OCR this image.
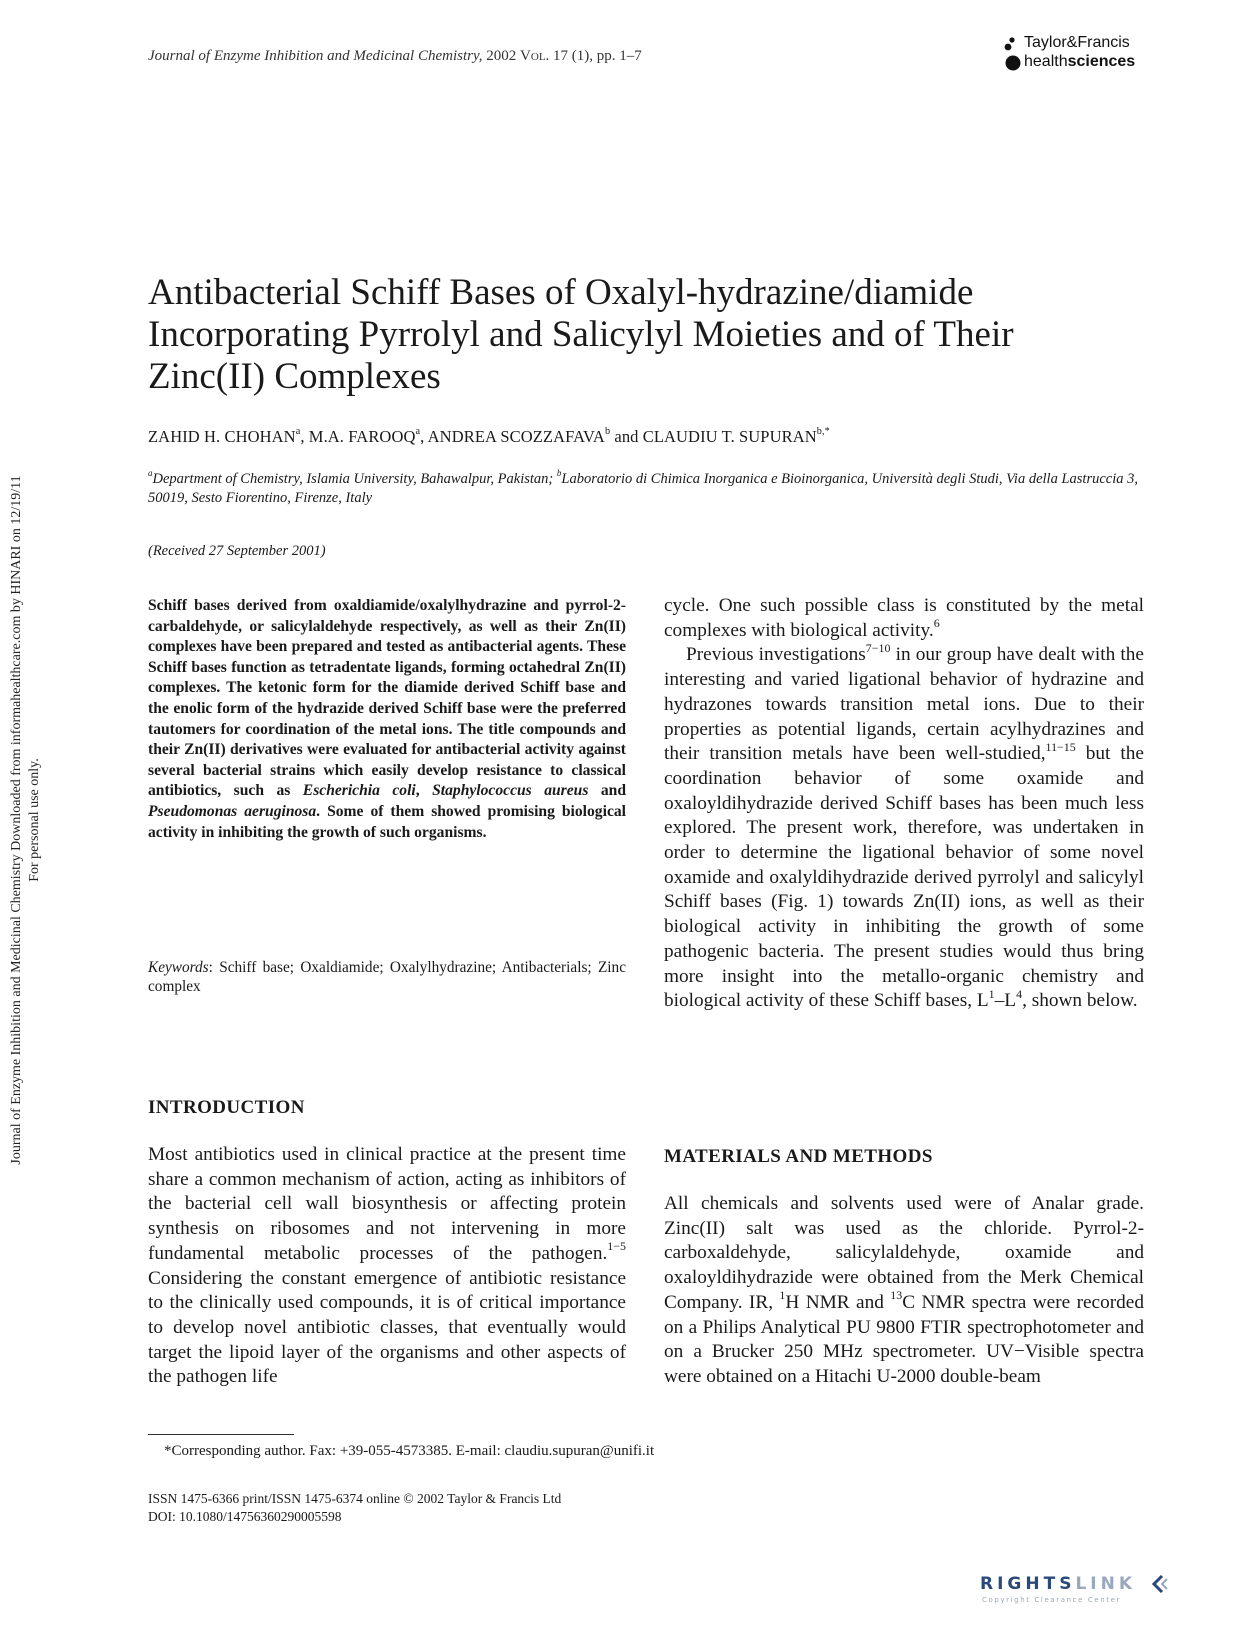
Journal of Enzyme Inhibition and Medicinal Chemistry, 2002 Vol. 17 (1), pp. 1–7
Taylor&Francis
healthsciences
Journal of Enzyme Inhibition and Medicinal Chemistry Downloaded from informahealthcare.com by HINARI on 12/19/11 For personal use only.
Antibacterial Schiff Bases of Oxalyl-hydrazine/diamide
Incorporating Pyrrolyl and Salicylyl Moieties and of Their
Zinc(II) Complexes
ZAHID H. CHOHAN$^a$, M.A. FAROOQ$^a$, ANDREA SCOZZAFAVA$^b$ and CLAUDIU T. $SUPURAN^{b,*}$
$^a$Department of Chemistry, Islamia University, Bahawalpur, Pakistan; $^b$Laboratorio di Chimica Inorganica e Bioinorganica, Università degli Studi, Via della Lastruccia 3, 50019, Sesto Fiorentino, Firenze, Italy
(Received 27 September 2001)
Schiff bases derived from oxaldiamide/oxalylhydrazine and pyrrol-2-carbaldehyde, or salicylaldehyde respectively, as well as their Zn(II) complexes have been prepared and tested as antibacterial agents. These Schiff bases function as tetradentate ligands, forming octahedral Zn(II) complexes. The ketonic form for the diamide derived Schiff base and the enolic form of the hydrazide derived Schiff base were the preferred tautomers for coordination of the metal ions. The title compounds and their Zn(II) derivatives were evaluated for antibacterial activity against several bacterial strains which easily develop resistance to classical antibiotics, such as Escherichia coli, Staphylococcus aureus and Pseudomonas aeruginosa. Some of them showed promising biological activity in inhibiting the growth of such organisms.
Keywords: Schiff base; Oxaldiamide; Oxalylhydrazine; Antibacterials; Zinc complex
INTRODUCTION
Most antibiotics used in clinical practice at the present time share a common mechanism of action, acting as inhibitors of the bacterial cell wall biosynthesis or affecting protein synthesis on ribosomes and not intervening in more fundamental metabolic processes of the pathogen.$^{1-5}$ Considering the constant emergence of antibiotic resistance to the clinically used compounds, it is of critical importance to develop novel antibiotic classes, that eventually would target the lipoid layer of the organisms and other aspects of the pathogen life
cycle. One such possible class is constituted by the metal complexes with biological activity.$^6$
Previous investigations$^{7-10}$ in our group have dealt with the interesting and varied ligational behavior of hydrazine and hydrazones towards transition metal ions. Due to their properties as potential ligands, certain acylhydrazines and their transition metals have been well-studied,$^{11-15}$ but the coordination behavior of some oxamide and oxaloyldihydrazide derived Schiff bases has been much less explored. The present work, therefore, was undertaken in order to determine the ligational behavior of some novel oxamide and oxalyldihydrazide derived pyrrolyl and salicylyl Schiff bases (Fig. 1) towards Zn(II) ions, as well as their biological activity in inhibiting the growth of some pathogenic bacteria. The present studies would thus bring more insight into the metallo-organic chemistry and biological activity of these Schiff bases, $L^1-L^4$, shown below.
MATERIALS AND METHODS
All chemicals and solvents used were of Analar grade. Zinc(II) salt was used as the chloride. Pyrrol-2-carboxaldehyde, salicylaldehyde, oxamide and oxaloyldihydrazide were obtained from the Merk Chemical Company. IR, $^1$H NMR and $^{13}$C NMR spectra were recorded on a Philips Analytical PU 9800 FTIR spectrophotometer and on a Brucker 250 MHz spectrometer. UV−Visible spectra were obtained on a Hitachi U-2000 double-beam
*Corresponding author. Fax: +39-055-4573385. E-mail: claudiu.supuran@unifi.it
ISSN 1475-6366 print/ISSN 1475-6374 online © 2002 Taylor & Francis Ltd
DOI: 10.1080/14756360290005598
RIGHTSLINK
Copyright Clearance Center
